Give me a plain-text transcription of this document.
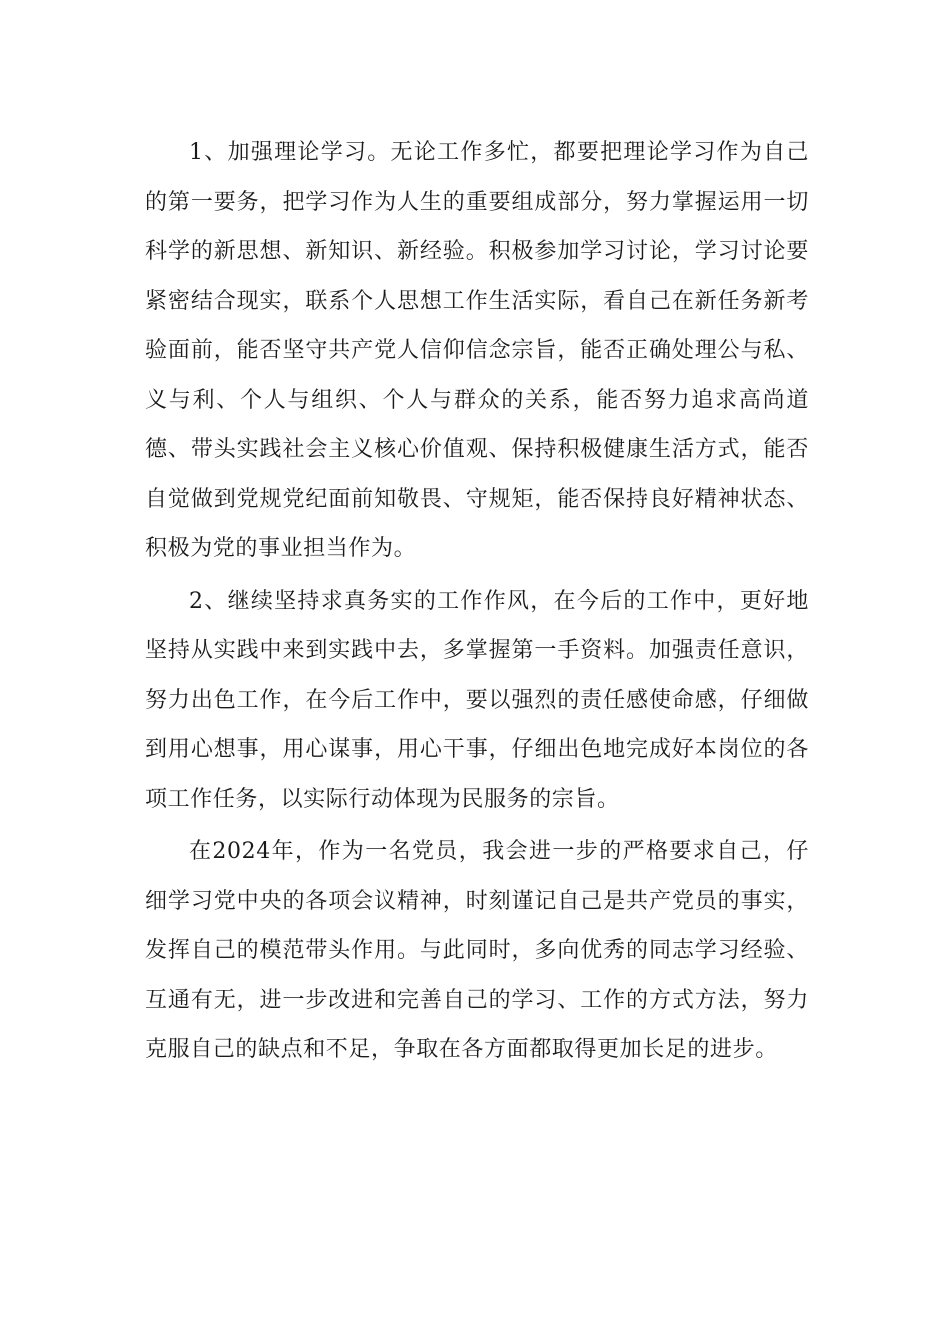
1、加强理论学习。无论工作多忙，都要把理论学习作为自己的第一要务，把学习作为人生的重要组成部分，努力掌握运用一切科学的新思想、新知识、新经验。积极参加学习讨论，学习讨论要紧密结合现实，联系个人思想工作生活实际，看自己在新任务新考验面前，能否坚守共产党人信仰信念宗旨，能否正确处理公与私、义与利、个人与组织、个人与群众的关系，能否努力追求高尚道德、带头实践社会主义核心价值观、保持积极健康生活方式，能否自觉做到党规党纪面前知敬畏、守规矩，能否保持良好精神状态、积极为党的事业担当作为。

2、继续坚持求真务实的工作作风，在今后的工作中，更好地坚持从实践中来到实践中去，多掌握第一手资料。加强责任意识，努力出色工作，在今后工作中，要以强烈的责任感使命感，仔细做到用心想事，用心谋事，用心干事，仔细出色地完成好本岗位的各项工作任务，以实际行动体现为民服务的宗旨。

在2024年，作为一名党员，我会进一步的严格要求自己，仔细学习党中央的各项会议精神，时刻谨记自己是共产党员的事实，发挥自己的模范带头作用。与此同时，多向优秀的同志学习经验、互通有无，进一步改进和完善自己的学习、工作的方式方法，努力克服自己的缺点和不足，争取在各方面都取得更加长足的进步。
